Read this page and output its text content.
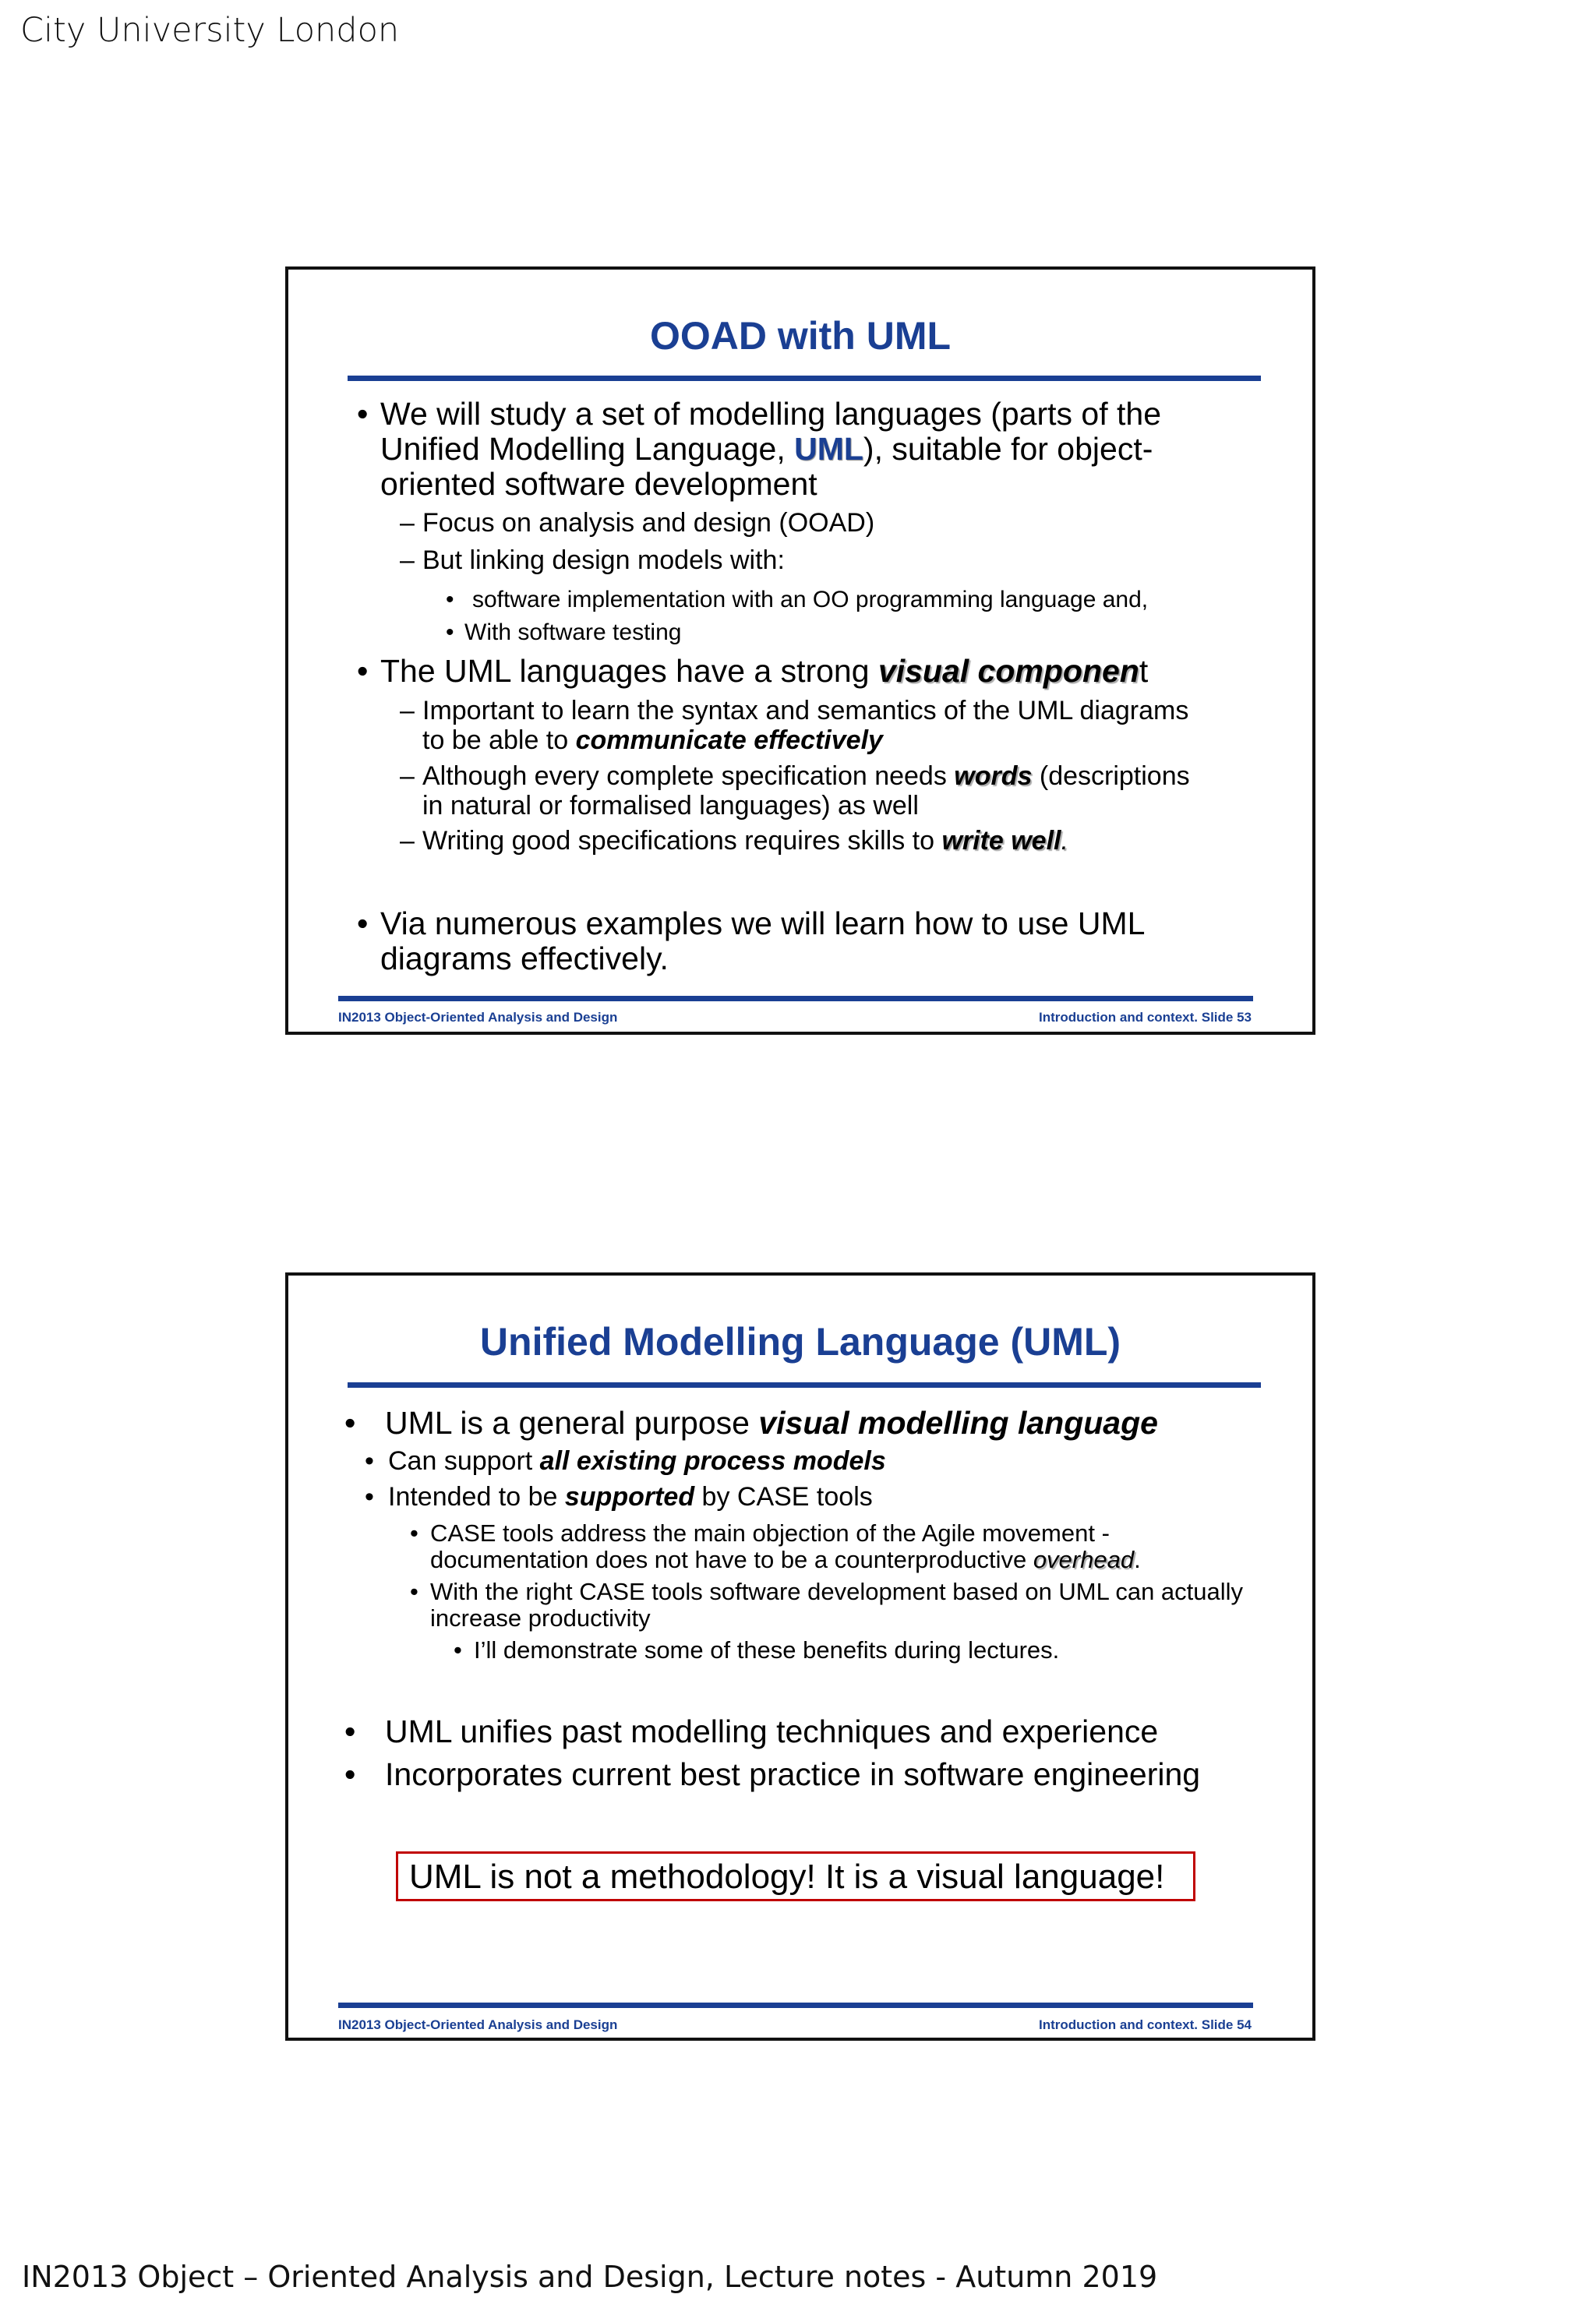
City University London
OOAD with UML
• We will study a set of modelling languages (parts of the
Unified Modelling Language, UML), suitable for object-
oriented software development
– Focus on analysis and design (OOAD)
– But linking design models with:
• software implementation with an OO programming language and,
• With software testing
• The UML languages have a strong visual component
– Important to learn the syntax and semantics of the UML diagrams
to be able to communicate effectively
– Although every complete specification needs words (descriptions
in natural or formalised languages) as well
– Writing good specifications requires skills to write well.
• Via numerous examples we will learn how to use UML
diagrams effectively.
IN2013 Object-Oriented Analysis and Design	Introduction and context. Slide 53
Unified Modelling Language (UML)
• UML is a general purpose visual modelling language
• Can support all existing process models
• Intended to be supported by CASE tools
• CASE tools address the main objection of the Agile movement -
documentation does not have to be a counterproductive overhead.
• With the right CASE tools software development based on UML can actually
increase productivity
• I’ll demonstrate some of these benefits during lectures.
• UML unifies past modelling techniques and experience
• Incorporates current best practice in software engineering
UML is not a methodology! It is a visual language!
IN2013 Object-Oriented Analysis and Design	Introduction and context. Slide 54
IN2013 Object – Oriented Analysis and Design, Lecture notes - Autumn 2019
